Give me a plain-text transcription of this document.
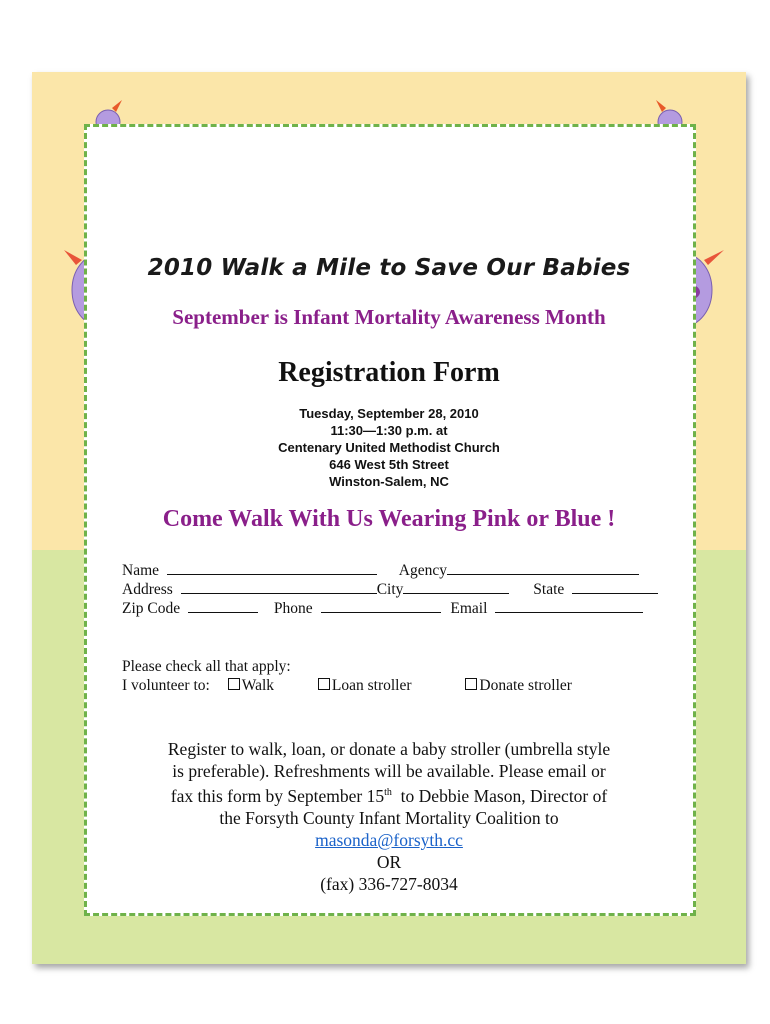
2010 Walk a Mile to Save Our Babies
September is Infant Mortality Awareness Month
Registration Form
Tuesday, September 28, 2010
11:30—1:30 p.m. at
Centenary United Methodist Church
646 West 5th Street
Winston-Salem, NC
Come Walk With Us Wearing Pink or Blue !
Name	Agency
Address	City	State
Zip Code	Phone	Email
Please check all that apply:
I volunteer to: Walk	Loan stroller	Donate stroller
Register to walk, loan, or donate a baby stroller (umbrella style
is preferable). Refreshments will be available. Please email or
fax this form by September 15th  to Debbie Mason, Director of
the Forsyth County Infant Mortality Coalition to
masonda@forsyth.cc
OR
(fax) 336-727-8034
